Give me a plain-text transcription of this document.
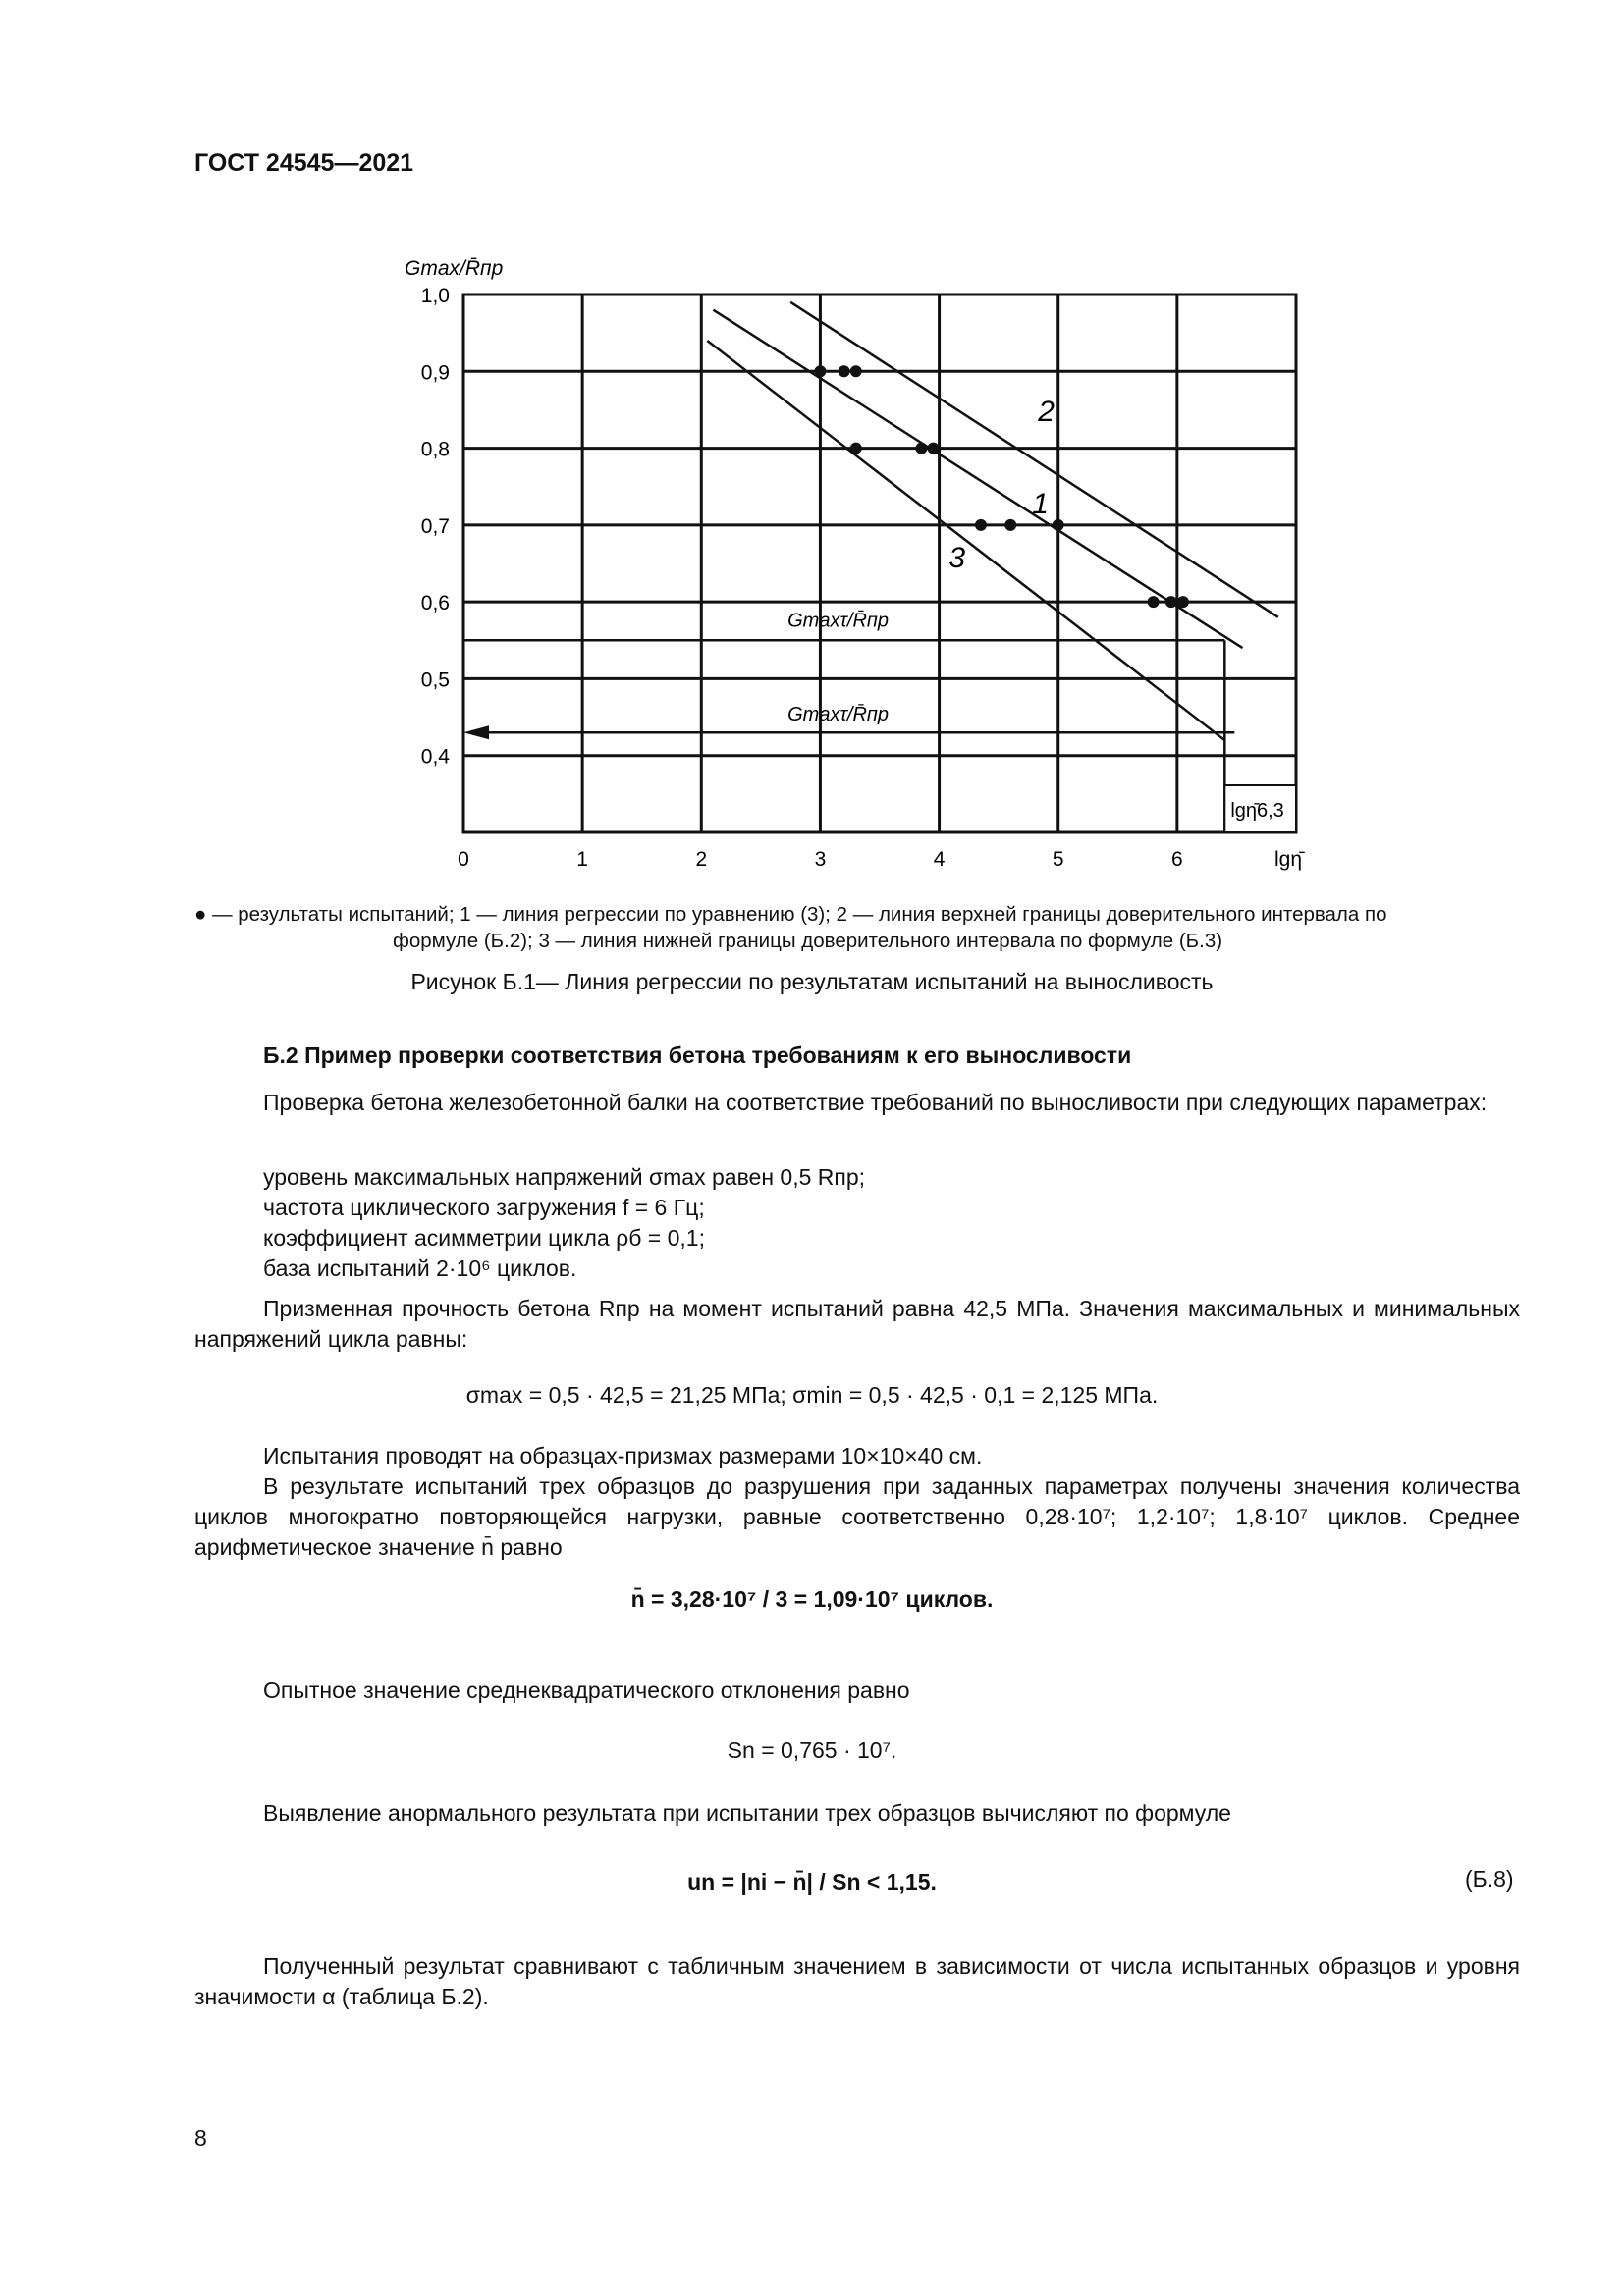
ГОСТ 24545—2021
0	1	2	3	4	5	6
0,4
0,5
0,6
0,7
0,8
0,9
1,0
lgη̄
Gmax/R̄пр
Gmaxτ/R̄пр
Gmaxτ/R̄пр
lgη̄6,3
1
2
3
● — результаты испытаний; 1 — линия регрессии по уравнению (3); 2 — линия верхней границы доверительного интервала по
формуле (Б.2); 3 — линия нижней границы доверительного интервала по формуле (Б.3)
Рисунок Б.1— Линия регрессии по результатам испытаний на выносливость
Б.2 Пример проверки соответствия бетона требованиям к его выносливости
Проверка бетона железобетонной балки на соответствие требований по выносливости при следующих параметрах:
уровень максимальных напряжений σmax равен 0,5 Rпр;
частота циклического загружения f = 6 Гц;
коэффициент асимметрии цикла ρб = 0,1;
база испытаний 2·10⁶ циклов.
Призменная прочность бетона Rпр на момент испытаний равна 42,5 МПа. Значения максимальных и минимальных напряжений цикла равны:
σmax = 0,5 · 42,5 = 21,25 МПа; σmin = 0,5 · 42,5 · 0,1 = 2,125 МПа.
Испытания проводят на образцах-призмах размерами 10×10×40 см.
В результате испытаний трех образцов до разрушения при заданных параметрах получены значения количества циклов многократно повторяющейся нагрузки, равные соответственно 0,28·10⁷; 1,2·10⁷; 1,8·10⁷ циклов. Среднее арифметическое значение n̄ равно
n̄ = 3,28·10⁷ / 3 = 1,09·10⁷ циклов.
Опытное значение среднеквадратического отклонения равно
Sn = 0,765 · 10⁷.
Выявление анормального результата при испытании трех образцов вычисляют по формуле
un = |ni − n̄| / Sn < 1,15.	(Б.8)
Полученный результат сравнивают с табличным значением в зависимости от числа испытанных образцов и уровня значимости α (таблица Б.2).
8
